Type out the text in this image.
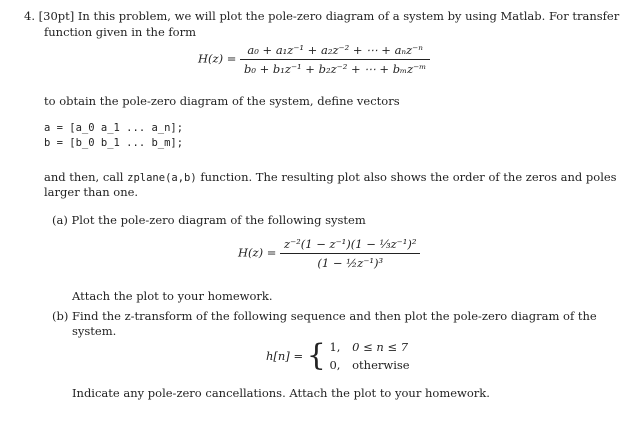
4. [30pt] In this problem, we will plot the pole-zero diagram of a system by using Matlab. For transfer
function given in the form
$H(z) = \frac{\text{a₀ + a₁z⁻¹ + a₂z⁻² + ⋯ + aₙz⁻ⁿ}}{\text{b₀ + b₁z⁻¹ + b₂z⁻² + ⋯ + bₘz⁻ᵐ}}$
to obtain the pole-zero diagram of the system, define vectors
a = [a_0 a_1 ... a_n];
b = [b_0 b_1 ... b_m];
and then, call zplane(a,b) function. The resulting plot also shows the order of the zeros and poles
larger than one.
(a) Plot the pole-zero diagram of the following system
$H(z) = \frac{\text{z⁻²(1 − z⁻¹)(1 − ⅓z⁻¹)²}}{\text{(1 − ½z⁻¹)³}}$
Attach the plot to your homework.
(b) Find the z-transform of the following sequence and then plot the pole-zero diagram of the
system.
h[n] = { 1, 0 ≤ n ≤ 7
0, otherwise
Indicate any pole-zero cancellations. Attach the plot to your homework.
